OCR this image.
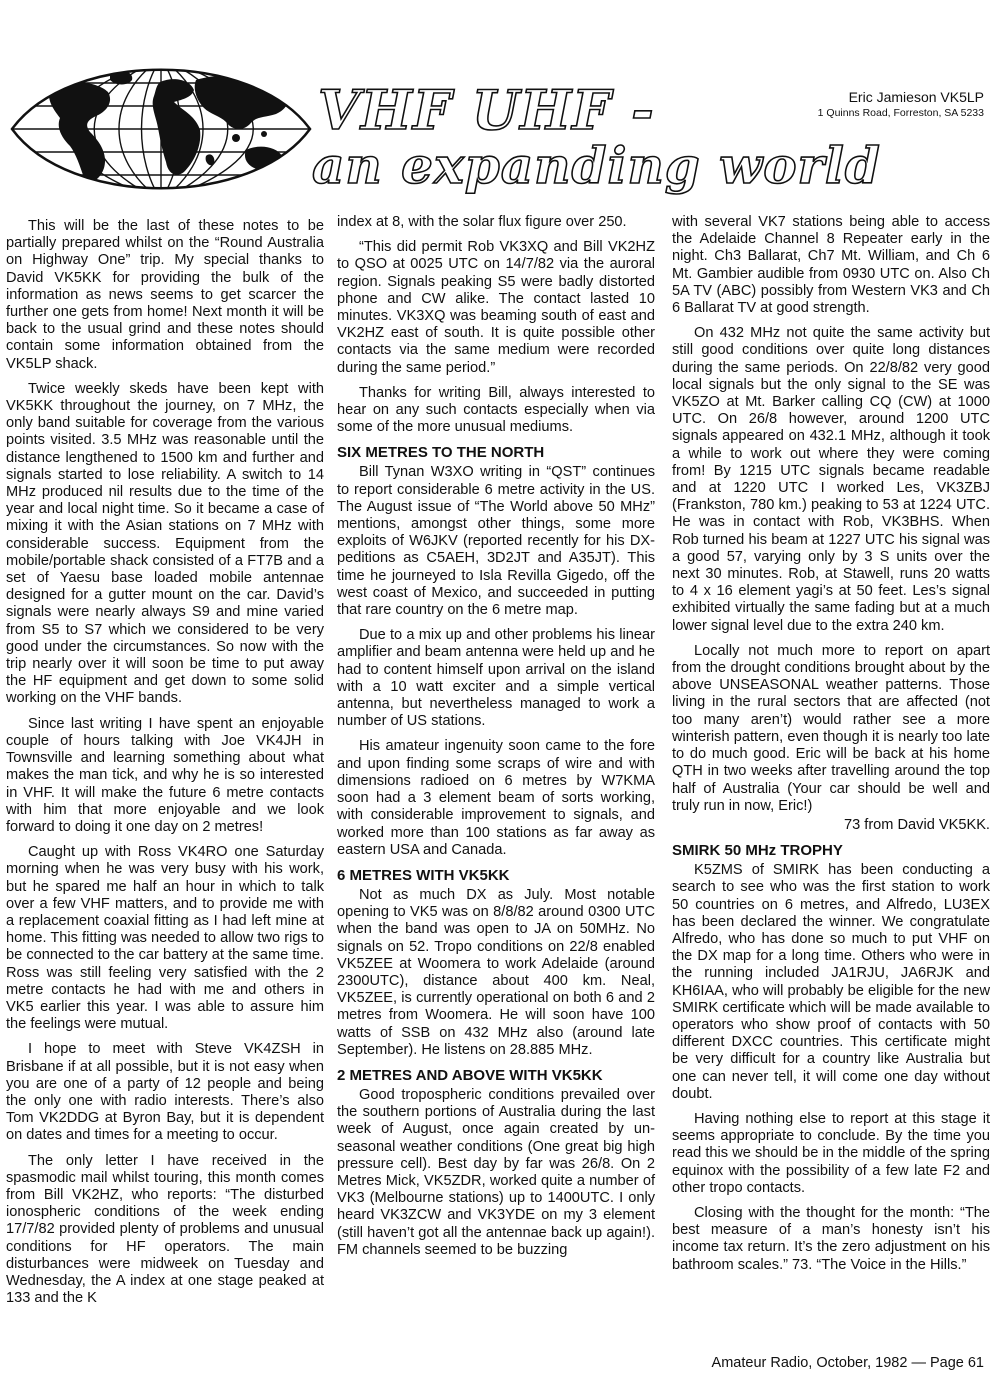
VHF UHF -
an expanding world
Eric Jamieson VK5LP
1 Quinns Road, Forreston, SA 5233

This will be the last of these notes to be partially prepared whilst on the “Round Australia on Highway One” trip. My special thanks to David VK5KK for providing the bulk of the information as news seems to get scarcer the further one gets from home! Next month it will be back to the usual grind and these notes should contain some information obtained from the VK5LP shack.

Twice weekly skeds have been kept with VK5KK throughout the journey, on 7 MHz, the only band suitable for coverage from the various points visited. 3.5 MHz was reasonable until the distance lengthened to 1500 km and further and signals started to lose reliability. A switch to 14 MHz produced nil results due to the time of the year and local night time. So it became a case of mixing it with the Asian stations on 7 MHz with considerable success. Equipment from the mobile/portable shack consisted of a FT7B and a set of Yaesu base loaded mobile antennae designed for a gutter mount on the car. David’s signals were nearly always S9 and mine varied from S5 to S7 which we considered to be very good under the circumstances. So now with the trip nearly over it will soon be time to put away the HF equipment and get down to some solid working on the VHF bands.

Since last writing I have spent an enjoyable couple of hours talking with Joe VK4JH in Townsville and learning something about what makes the man tick, and why he is so interested in VHF. It will make the future 6 metre contacts with him that more enjoyable and we look forward to doing it one day on 2 metres!

Caught up with Ross VK4RO one Saturday morning when he was very busy with his work, but he spared me half an hour in which to talk over a few VHF matters, and to provide me with a replacement coaxial fitting as I had left mine at home. This fitting was needed to allow two rigs to be connected to the car battery at the same time. Ross was still feeling very satisfied with the 2 metre contacts he had with me and others in VK5 earlier this year. I was able to assure him the feelings were mutual.

I hope to meet with Steve VK4ZSH in Brisbane if at all possible, but it is not easy when you are one of a party of 12 people and being the only one with radio interests. There’s also Tom VK2DDG at Byron Bay, but it is dependent on dates and times for a meeting to occur.

The only letter I have received in the spasmodic mail whilst touring, this month comes from Bill VK2HZ, who reports: “The disturbed ionospheric conditions of the week ending 17/7/82 provided plenty of problems and unusual conditions for HF operators. The main disturbances were midweek on Tuesday and Wednesday, the A index at one stage peaked at 133 and the K

index at 8, with the solar flux figure over 250.

“This did permit Rob VK3XQ and Bill VK2HZ to QSO at 0025 UTC on 14/7/82 via the auroral region. Signals peaking S5 were badly distorted phone and CW alike. The contact lasted 10 minutes. VK3XQ was beaming south of east and VK2HZ east of south. It is quite possible other contacts via the same medium were recorded during the same period.”

Thanks for writing Bill, always interested to hear on any such contacts especially when via some of the more unusual mediums.

SIX METRES TO THE NORTH

Bill Tynan W3XO writing in “QST” continues to report considerable 6 metre activity in the US. The August issue of “The World above 50 MHz” mentions, amongst other things, some more exploits of W6JKV (reported recently for his DX-peditions as C5AEH, 3D2JT and A35JT). This time he journeyed to Isla Revilla Gigedo, off the west coast of Mexico, and succeeded in putting that rare country on the 6 metre map.

Due to a mix up and other problems his linear amplifier and beam antenna were held up and he had to content himself upon arrival on the island with a 10 watt exciter and a simple vertical antenna, but nevertheless managed to work a number of US stations.

His amateur ingenuity soon came to the fore and upon finding some scraps of wire and with dimensions radioed on 6 metres by W7KMA soon had a 3 element beam of sorts working, with considerable improvement to signals, and worked more than 100 stations as far away as eastern USA and Canada.

6 METRES WITH VK5KK

Not as much DX as July. Most notable opening to VK5 was on 8/8/82 around 0300 UTC when the band was open to JA on 50MHz. No signals on 52. Tropo conditions on 22/8 enabled VK5ZEE at Woomera to work Adelaide (around 2300UTC), distance about 400 km. Neal, VK5ZEE, is currently operational on both 6 and 2 metres from Woomera. He will soon have 100 watts of SSB on 432 MHz also (around late September). He listens on 28.885 MHz.

2 METRES AND ABOVE WITH VK5KK

Good tropospheric conditions prevailed over the southern portions of Australia during the last week of August, once again created by un-seasonal weather conditions (One great big high pressure cell). Best day by far was 26/8. On 2 Metres Mick, VK5ZDR, worked quite a number of VK3 (Melbourne stations) up to 1400UTC. I only heard VK3ZCW and VK3YDE on my 3 element (still haven’t got all the antennae back up again!). FM channels seemed to be buzzing

with several VK7 stations being able to access the Adelaide Channel 8 Repeater early in the night. Ch3 Ballarat, Ch7 Mt. William, and Ch 6 Mt. Gambier audible from 0930 UTC on. Also Ch 5A TV (ABC) possibly from Western VK3 and Ch 6 Ballarat TV at good strength.

On 432 MHz not quite the same activity but still good conditions over quite long distances during the same periods. On 22/8/82 very good local signals but the only signal to the SE was VK5ZO at Mt. Barker calling CQ (CW) at 1000 UTC. On 26/8 however, around 1200 UTC signals appeared on 432.1 MHz, although it took a while to work out where they were coming from! By 1215 UTC signals became readable and at 1220 UTC I worked Les, VK3ZBJ (Frankston, 780 km.) peaking to 53 at 1224 UTC. He was in contact with Rob, VK3BHS. When Rob turned his beam at 1227 UTC his signal was a good 57, varying only by 3 S units over the next 30 minutes. Rob, at Stawell, runs 20 watts to 4 x 16 element yagi’s at 50 feet. Les’s signal exhibited virtually the same fading but at a much lower signal level due to the extra 240 km.

Locally not much more to report on apart from the drought conditions brought about by the above UNSEASONAL weather patterns. Those living in the rural sectors that are affected (not too many aren’t) would rather see a more winterish pattern, even though it is nearly too late to do much good. Eric will be back at his home QTH in two weeks after travelling around the top half of Australia (Your car should be well and truly run in now, Eric!)

73 from David VK5KK.

SMIRK 50 MHz TROPHY

K5ZMS of SMIRK has been conducting a search to see who was the first station to work 50 countries on 6 metres, and Alfredo, LU3EX has been declared the winner. We congratulate Alfredo, who has done so much to put VHF on the DX map for a long time. Others who were in the running included JA1RJU, JA6RJK and KH6IAA, who will probably be eligible for the new SMIRK certificate which will be made available to operators who show proof of contacts with 50 different DXCC countries. This certificate might be very difficult for a country like Australia but one can never tell, it will come one day without doubt.

Having nothing else to report at this stage it seems appropriate to conclude. By the time you read this we should be in the middle of the spring equinox with the possibility of a few late F2 and other tropo contacts.

Closing with the thought for the month: “The best measure of a man’s honesty isn’t his income tax return. It’s the zero adjustment on his bathroom scales.” 73. “The Voice in the Hills.”

Amateur Radio, October, 1982 — Page 61
